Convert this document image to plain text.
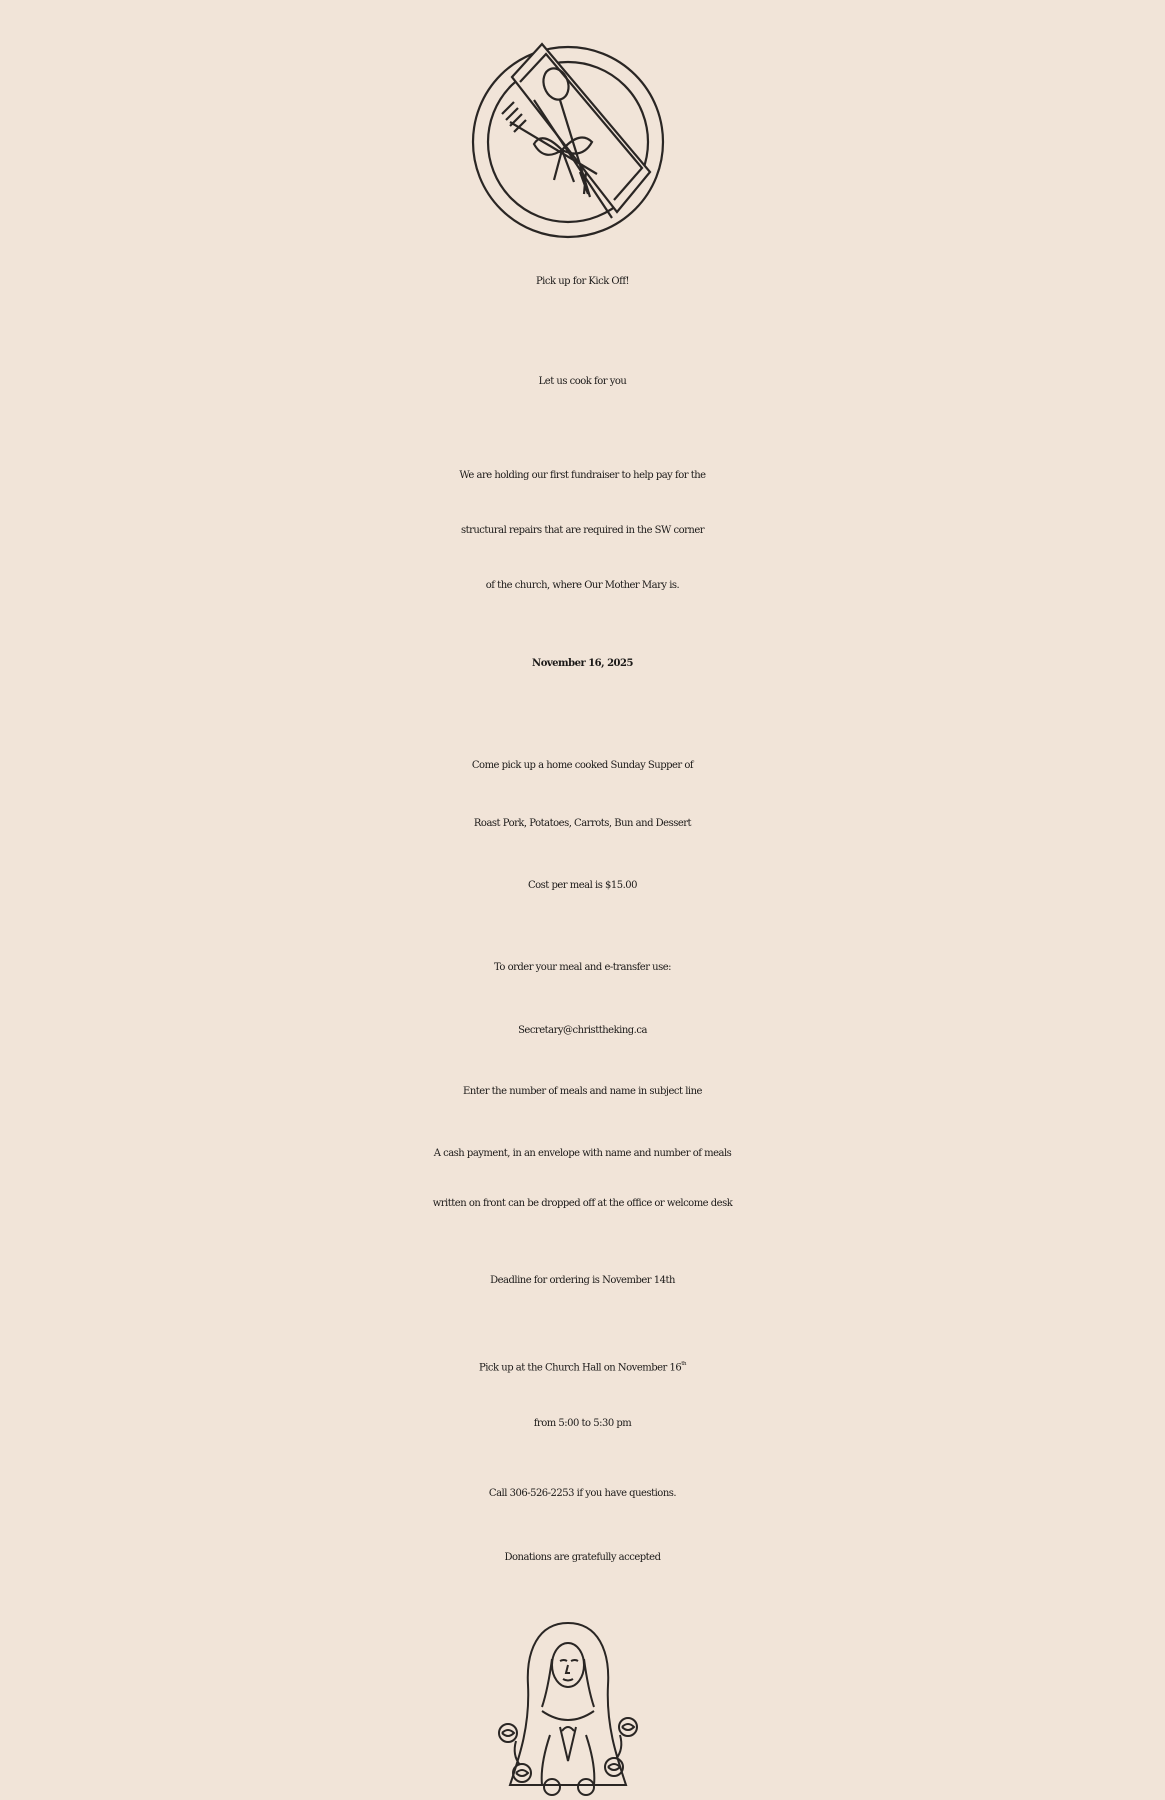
Pick up for Kick Off!
Let us cook for you
We are holding our first fundraiser to help pay for the
structural repairs that are required in the SW corner
of the church, where Our Mother Mary is.
November 16, 2025
Come pick up a home cooked Sunday Supper of
Roast Pork, Potatoes, Carrots, Bun and Dessert
Cost per meal is $15.00
To order your meal and e-transfer use:
Secretary@christtheking.ca
Enter the number of meals and name in subject line
A cash payment, in an envelope with name and number of meals
written on front can be dropped off at the office or welcome desk
Deadline for ordering is November 14th
Pick up at the Church Hall on November 16th
from 5:00 to 5:30 pm
Call 306-526-2253 if you have questions.
Donations are gratefully accepted
